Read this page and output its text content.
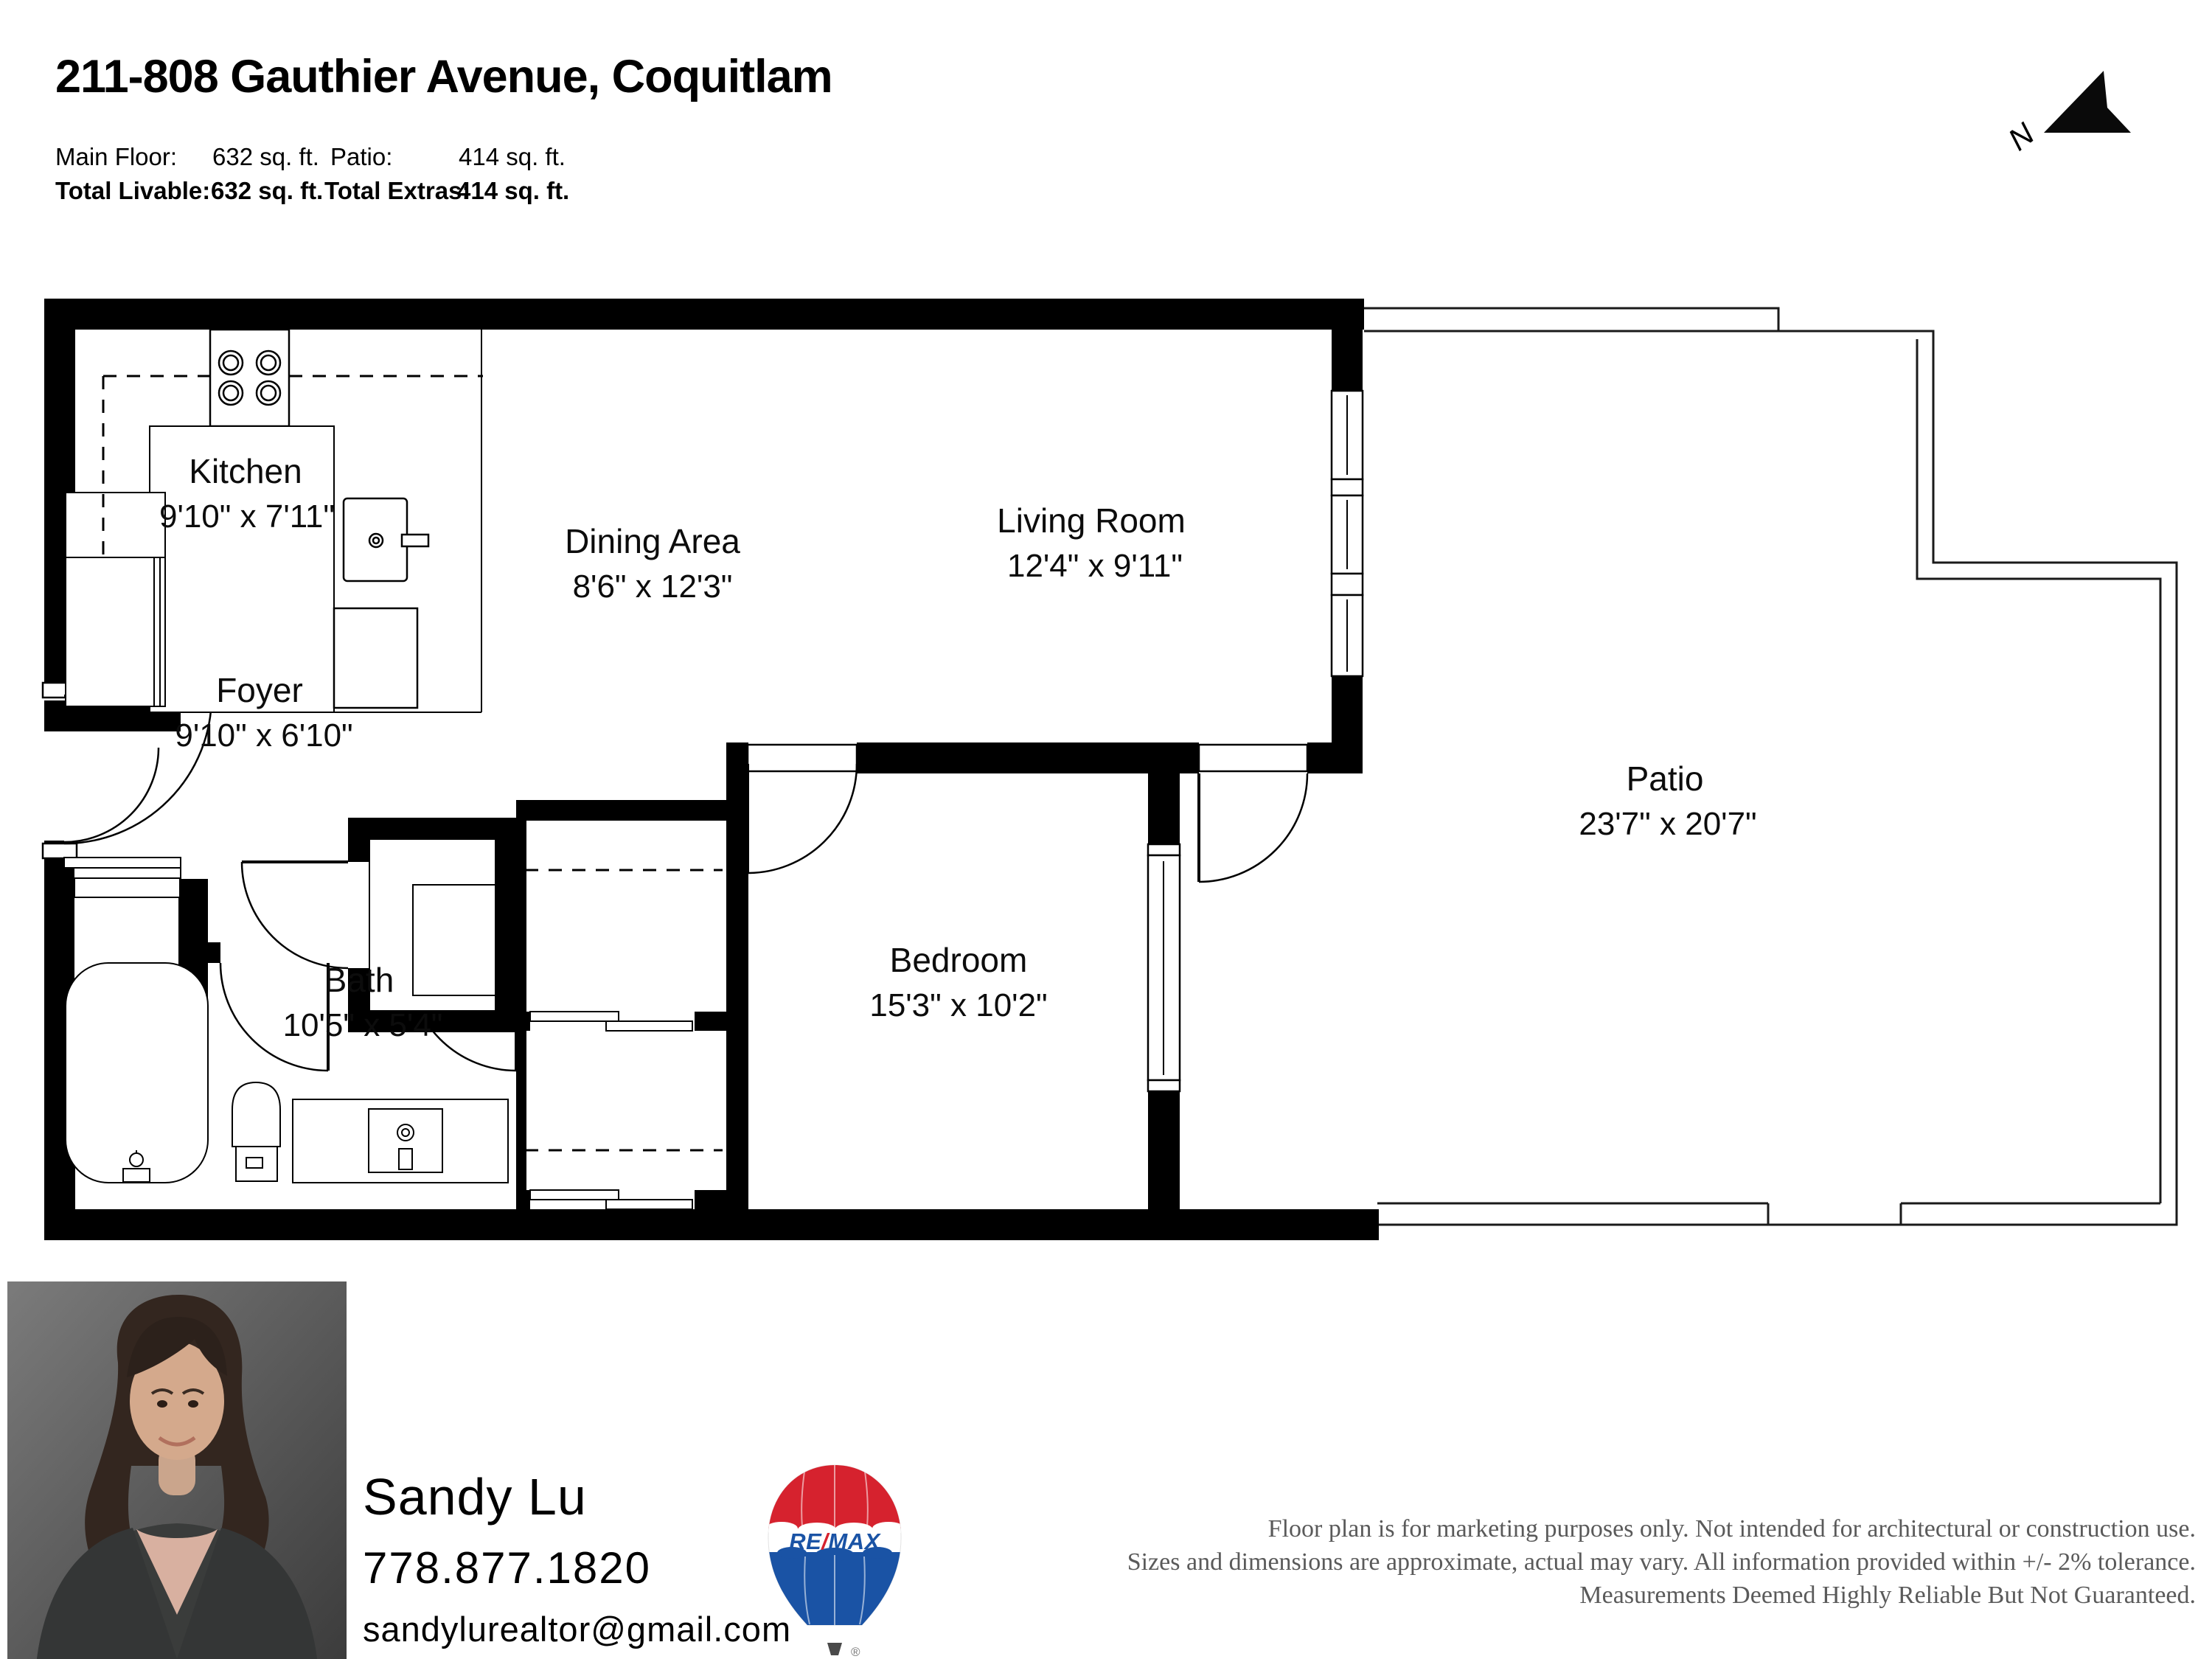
211-808 Gauthier Avenue, Coquitlam
Main Floor: 632 sq. ft. Patio:	414 sq. ft.
Total Livable: 632 sq. ft. Total Extras:
414 sq. ft.
N
Kitchen
9'10" x 7'11"
Dining Area
8'6" x 12'3"
Living Room
12'4" x 9'11"
Foyer
9'10" x 6'10"
Bath
10'5" x 5'4"
Bedroom
15'3" x 10'2"
Patio
23'7" x 20'7"
RE/MAX
®
Sandy Lu
778.877.1820
sandylurealtor@gmail.com
Floor plan is for marketing purposes only. Not intended for architectural or construction use.
Sizes and dimensions are approximate, actual may vary. All information provided within +/- 2% tolerance.
Measurements Deemed Highly Reliable But Not Guaranteed.
